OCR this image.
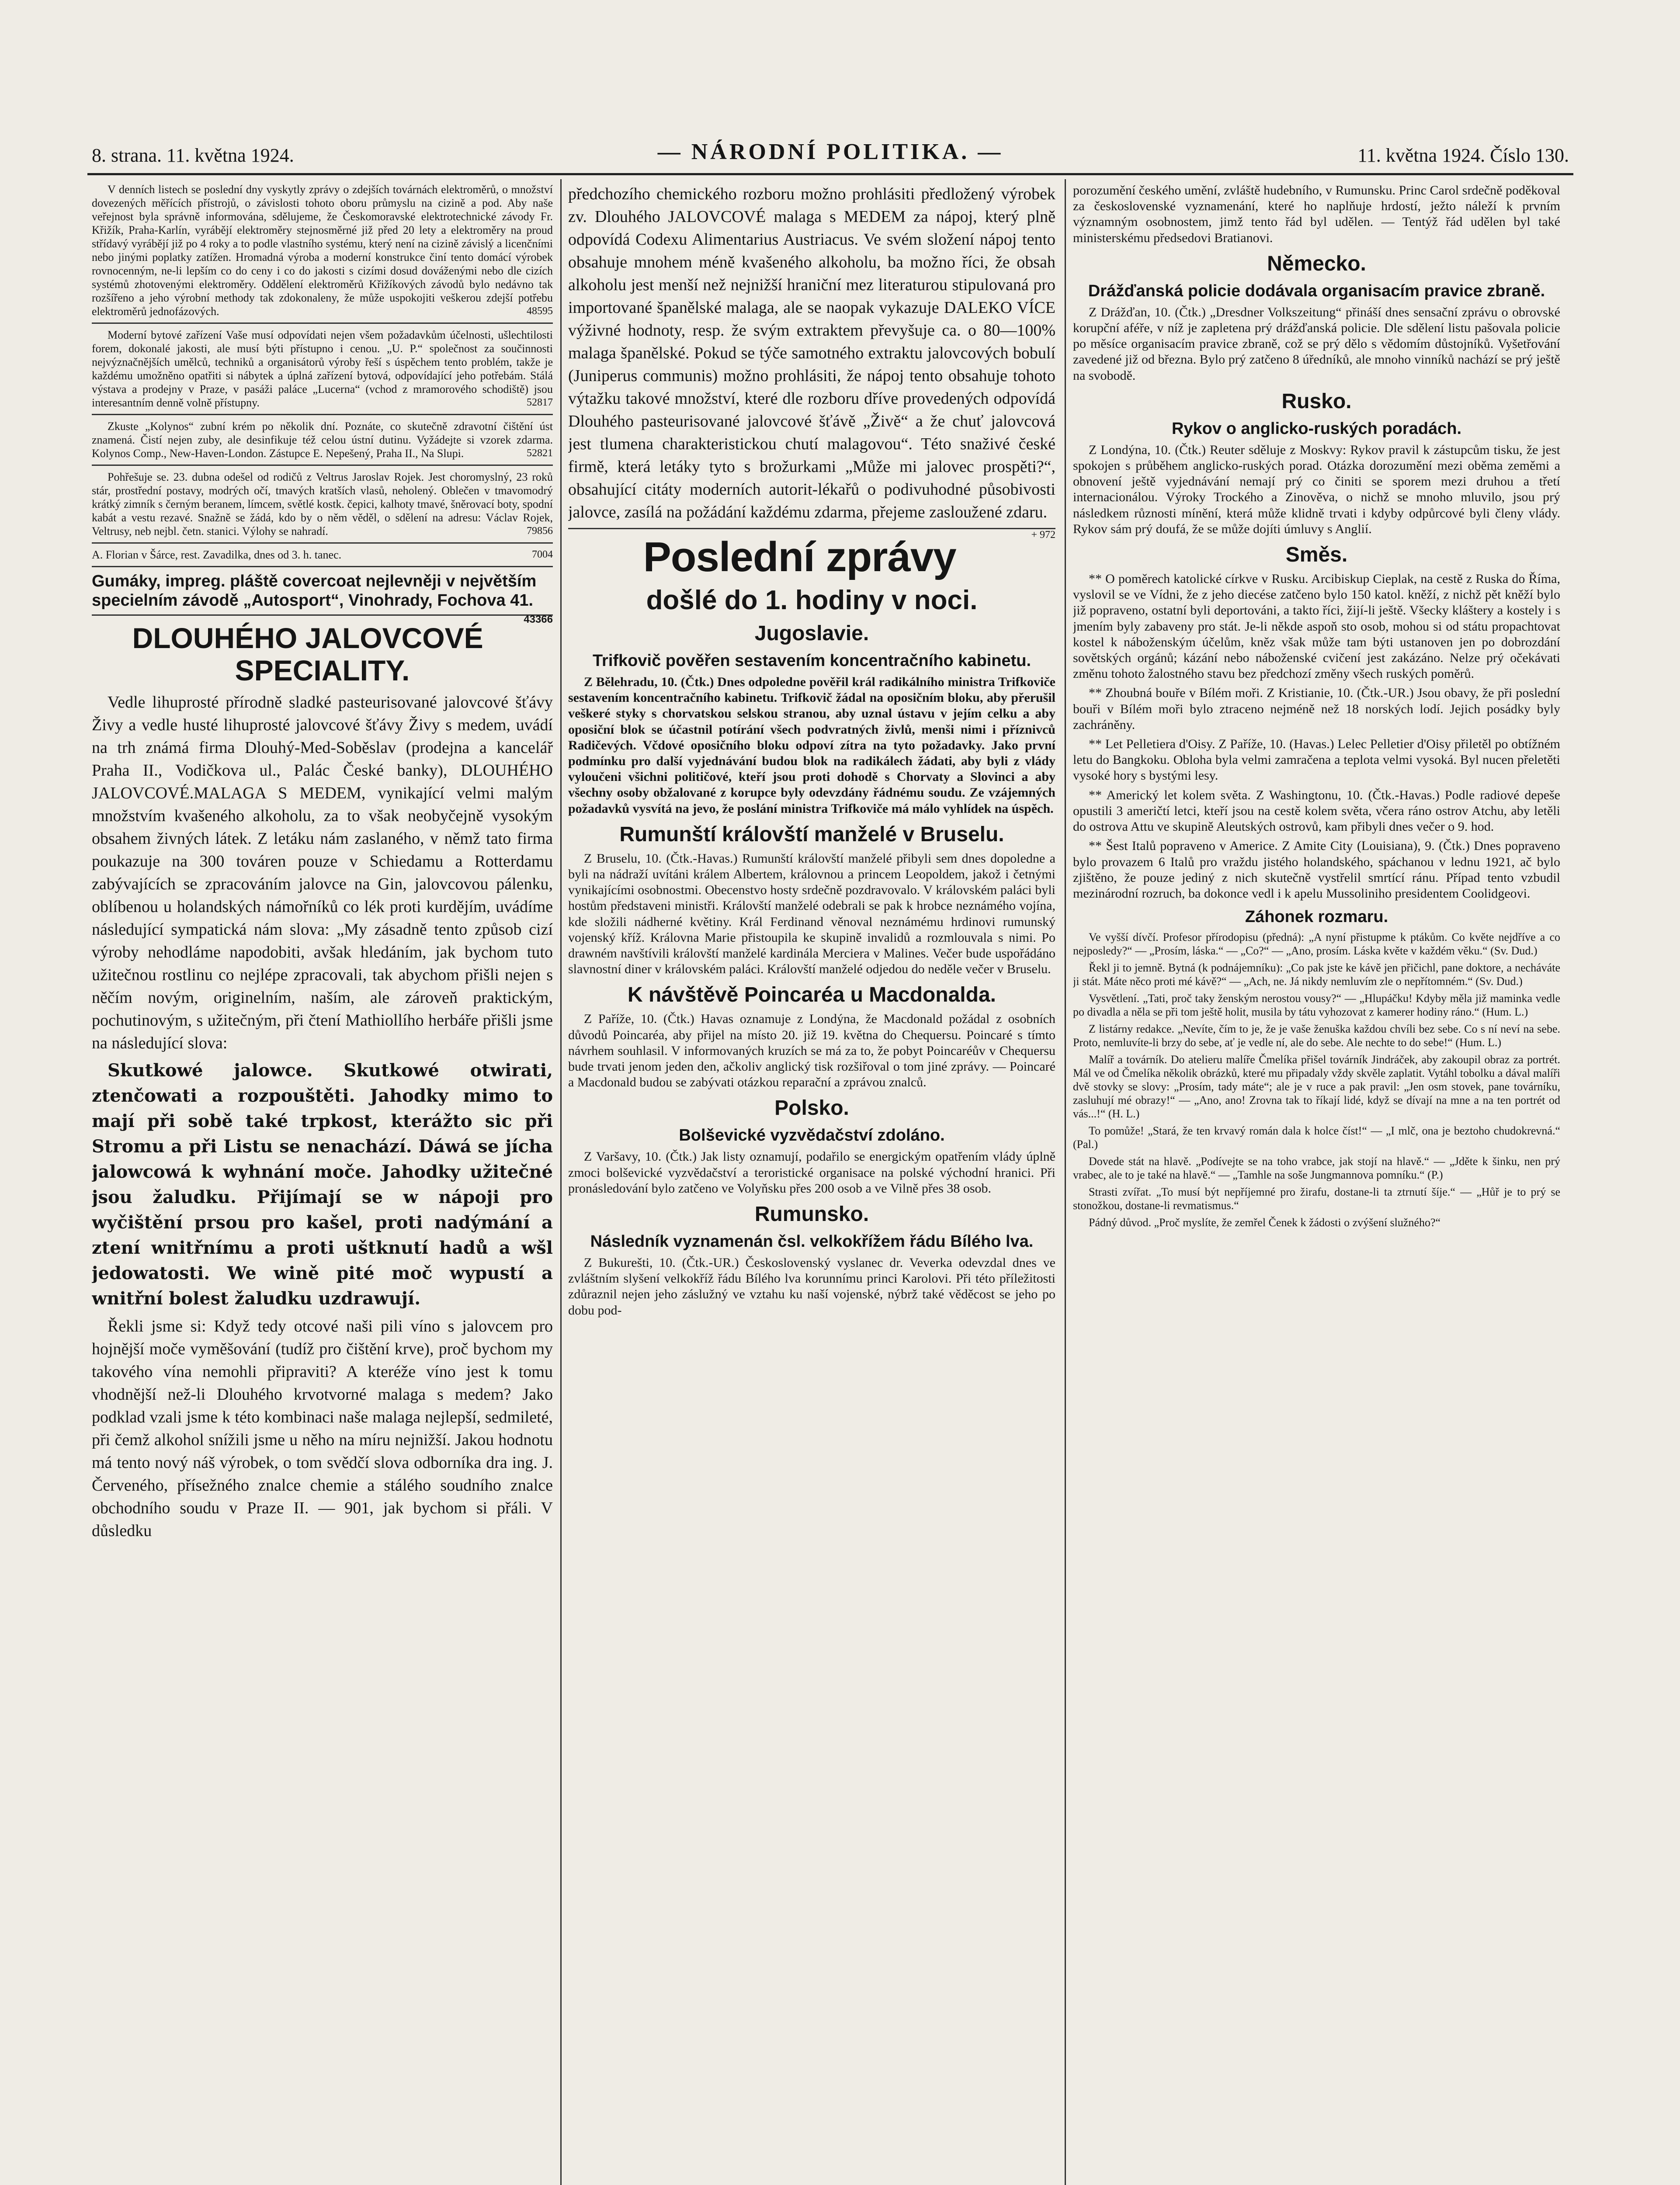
8. strana. 11. května 1924.	— NÁRODNÍ POLITIKA. —	11. května 1924. Číslo 130.

V denních listech se poslední dny vyskytly zprávy o zdejších továrnách elektroměrů, o množství dovezených měřících přístrojů, o závislosti tohoto oboru průmyslu na cizině a pod. Aby naše veřejnost byla správně informována, sdělujeme, že Českomoravské elektrotechnické závody Fr. Křižík, Praha-Karlín, vyrábějí elektroměry stejnosměrné již před 20 lety a elektroměry na proud střídavý vyrábějí již po 4 roky a to podle vlastního systému, který není na cizině závislý a licenčními nebo jinými poplatky zatížen. Hromadná výroba a moderní konstrukce činí tento domácí výrobek rovnocenným, ne-li lepším co do ceny i co do jakosti s cizími dosud dováženými nebo dle cizích systémů zhotovenými elektroměry. Oddělení elektroměrů Křižíkových závodů bylo nedávno tak rozšířeno a jeho výrobní methody tak zdokonaleny, že může uspokojiti veškerou zdejší potřebu elektroměrů jednofázových.	48595

Moderní bytové zařízení Vaše musí odpovídati nejen všem požadavkům účelnosti, ušlechtilosti forem, dokonalé jakosti, ale musí býti přístupno i cenou. „U. P.“ společnost za součinnosti nejvýznačnějších umělců, techniků a organisátorů výroby řeší s úspěchem tento problém, takže je každému umožněno opatřiti si nábytek a úplná zařízení bytová, odpovídající jeho potřebám. Stálá výstava a prodejny v Praze, v pasáži paláce „Lucerna“ (vchod z mramorového schodiště) jsou interesantním denně volně přístupny.	52817

Zkuste „Kolynos“ zubní krém po několik dní. Poznáte, co skutečně zdravotní čištění úst znamená. Čistí nejen zuby, ale desinfikuje též celou ústní dutinu. Vyžádejte si vzorek zdarma. Kolynos Comp., New-Haven-London. Zástupce E. Nepešený, Praha II., Na Slupi.	52821

Pohřešuje se. 23. dubna odešel od rodičů z Veltrus Jaroslav Rojek. Jest choromyslný, 23 roků stár, prostřední postavy, modrých očí, tmavých kratších vlasů, neholený. Oblečen v tmavomodrý krátký zimník s černým beranem, límcem, světlé kostk. čepici, kalhoty tmavé, šněrovací boty, spodní kabát a vestu rezavé. Snažně se žádá, kdo by o něm věděl, o sdělení na adresu: Václav Rojek, Veltrusy, neb nejbl. četn. stanici. Výlohy se nahradí.	79856

A. Florian v Šárce, rest. Zavadilka, dnes od 3. h. tanec.	7004

Gumáky, impreg. pláště covercoat nejlevněji v největším specielním závodě „Autosport“, Vinohrady, Fochova 41.
43366
DLOUHÉHO JALOVCOVÉ SPECIALITY.

Vedle lihuprosté přírodně sladké pasteurisované jalovcové šťávy Živy a vedle husté lihuprosté jalovcové šťávy Živy s medem, uvádí na trh známá firma Dlouhý-Med-Soběslav (prodejna a kancelář Praha II., Vodičkova ul., Palác České banky), DLOUHÉHO JALOVCOVÉ.MALAGA S MEDEM, vynikající velmi malým množstvím kvašeného alkoholu, za to však neobyčejně vysokým obsahem živných látek. Z letáku nám zaslaného, v němž tato firma poukazuje na 300 továren pouze v Schiedamu a Rotterdamu zabývajících se zpracováním jalovce na Gin, jalovcovou pálenku, oblíbenou u holandských námořníků co lék proti kurdějím, uvádíme následující sympatická nám slova: „My zásadně tento způsob cizí výroby nehodláme napodobiti, avšak hledáním, jak bychom tuto užitečnou rostlinu co nejlépe zpracovali, tak abychom přišli nejen s něčím novým, originelním, naším, ale zároveň praktickým, pochutinovým, s užitečným, při čtení Mathiollího herbáře přišli jsme na následující slova:

Skutkowé jalowce. Skutkowé otwirati, ztenčowati a rozpouštěti. Jahodky mimo to mají při sobě také trpkost, kterážto sic při Stromu a při Listu se nenachází. Dáwá se jícha jalowcowá k wyhnání moče. Jahodky užitečné jsou žaludku. Přijímají se w nápoji pro wyčištění prsou pro kašel, proti nadýmání a ztení wnitřnímu a proti uštknutí hadů a wšl jedowatosti. We wině pité moč wypustí a wnitřní bolest žaludku uzdrawují.

Řekli jsme si: Když tedy otcové naši pili víno s jalovcem pro hojnější moče vyměšování (tudíž pro čištění krve), proč bychom my takového vína nemohli připraviti? A kteréže víno jest k tomu vhodnější než-li Dlouhého krvotvorné malaga s medem? Jako podklad vzali jsme k této kombinaci naše malaga nejlepší, sedmileté, při čemž alkohol snížili jsme u něho na míru nejnižší. Jakou hodnotu má tento nový náš výrobek, o tom svědčí slova odborníka dra ing. J. Červeného, přísežného znalce chemie a stálého soudního znalce obchodního soudu v Praze II. — 901, jak bychom si přáli. V důsledku

předchozího chemického rozboru možno prohlásiti předložený výrobek zv. Dlouhého JALOVCOVÉ malaga s MEDEM za nápoj, který plně odpovídá Codexu Alimentarius Austriacus. Ve svém složení nápoj tento obsahuje mnohem méně kvašeného alkoholu, ba možno říci, že obsah alkoholu jest menší než nejnižší hraniční mez literaturou stipulovaná pro importované španělské malaga, ale se naopak vykazuje DALEKO VÍCE výživné hodnoty, resp. že svým extraktem převyšuje ca. o 80—100% malaga španělské. Pokud se týče samotného extraktu jalovcových bobulí (Juniperus communis) možno prohlásiti, že nápoj tento obsahuje tohoto výtažku takové množství, které dle rozboru dříve provedených odpovídá Dlouhého pasteurisované jalovcové šťávě „Živě“ a že chuť jalovcová jest tlumena charakteristickou chutí malagovou“. Této snaživé české firmě, která letáky tyto s brožurkami „Může mi jalovec prospěti?“, obsahující citáty moderních autorit-lékařů o podivuhodné působivosti jalovce, zasílá na požádání každému zdarma, přejeme zasloužené zdaru.
+ 972

Poslední zprávy
došlé do 1. hodiny v noci.
Jugoslavie.
Trifkovič pověřen sestavením koncentračního kabinetu.

Z Bělehradu, 10. (Čtk.) Dnes odpoledne pověřil král radikálního ministra Trifkoviče sestavením koncentračního kabinetu. Trifkovič žádal na oposičním bloku, aby přerušil veškeré styky s chorvatskou selskou stranou, aby uznal ústavu v jejím celku a aby oposiční blok se účastnil potírání všech podvratných živlů, menši nimi i příznivců Radičevých. Včdové oposičního bloku odpoví zítra na tyto požadavky. Jako první podmínku pro další vyjednávání budou blok na radikálech žádati, aby byli z vlády vyloučeni všichni političové, kteří jsou proti dohodě s Chorvaty a Slovinci a aby všechny osoby obžalované z korupce byly odevzdány řádnému soudu. Ze vzájemných požadavků vysvítá na jevo, že poslání ministra Trifkoviče má málo vyhlídek na úspěch.

Rumunští královští manželé v Bruselu.

Z Bruselu, 10. (Čtk.-Havas.) Rumunští královští manželé přibyli sem dnes dopoledne a byli na nádraží uvítáni králem Albertem, královnou a princem Leopoldem, jakož i četnými vynikajícími osobnostmi. Obecenstvo hosty srdečně pozdravovalo. V královském paláci byli hostům představeni ministři. Královští manželé odebrali se pak k hrobce neznámého vojína, kde složili nádherné květiny. Král Ferdinand věnoval neznámému hrdinovi rumunský vojenský kříž. Královna Marie přistoupila ke skupině invalidů a rozmlouvala s nimi. Po drawném navštívili královští manželé kardinála Merciera v Malines. Večer bude uspořádáno slavnostní diner v královském paláci. Královští manželé odjedou do neděle večer v Bruselu.

K návštěvě Poincaréa u Macdonalda.

Z Paříže, 10. (Čtk.) Havas oznamuje z Londýna, že Macdonald požádal z osobních důvodů Poincaréa, aby přijel na místo 20. již 19. května do Chequersu. Poincaré s tímto návrhem souhlasil. V informovaných kruzích se má za to, že pobyt Poincaréův v Chequersu bude trvati jenom jeden den, ačkoliv anglický tisk rozšiřoval o tom jiné zprávy. — Poincaré a Macdonald budou se zabývati otázkou reparační a zprávou znalců.

Polsko.
Bolševické vyzvědačství zdoláno.

Z Varšavy, 10. (Čtk.) Jak listy oznamují, podařilo se energickým opatřením vlády úplně zmoci bolševické vyzvědačství a teroristické organisace na polské východní hranici. Při pronásledování bylo zatčeno ve Volyňsku přes 200 osob a ve Vilně přes 38 osob.

Rumunsko.
Následník vyznamenán čsl. velkokřížem řádu Bílého lva.

Z Bukurešti, 10. (Čtk.-UR.) Československý vyslanec dr. Veverka odevzdal dnes ve zvláštním slyšení velkokříž řádu Bílého lva korunnímu princi Karolovi. Při této příležitosti zdůraznil nejen jeho záslužný ve vztahu ku naší vojenské, nýbrž také věděcost se jeho po dobu pod-

porozumění českého umění, zvláště hudebního, v Rumunsku. Princ Carol srdečně poděkoval za československé vyznamenání, které ho naplňuje hrdostí, ježto náleží k prvním významným osobnostem, jimž tento řád byl udělen. — Tentýž řád udělen byl také ministerskému předsedovi Bratianovi.

Německo.
Drážďanská policie dodávala organisacím pravice zbraně.

Z Drážďan, 10. (Čtk.) „Dresdner Volkszeitung“ přináší dnes sensační zprávu o obrovské korupční aféře, v níž je zapletena prý drážďanská policie. Dle sdělení listu pašovala policie po měsíce organisacím pravice zbraně, což se prý dělo s vědomím důstojníků. Vyšetřování zavedené již od března. Bylo prý zatčeno 8 úředníků, ale mnoho vinníků nachází se prý ještě na svobodě.

Rusko.
Rykov o anglicko-ruských poradách.

Z Londýna, 10. (Čtk.) Reuter sděluje z Moskvy: Rykov pravil k zástupcům tisku, že jest spokojen s průběhem anglicko-ruských porad. Otázka dorozumění mezi oběma zeměmi a obnovení ještě vyjednávání nemají prý co činiti se sporem mezi druhou a třetí internacionálou. Výroky Trockého a Zinověva, o nichž se mnoho mluvilo, jsou prý následkem různosti mínění, která může klidně trvati i kdyby odpůrcové byli členy vlády. Rykov sám prý doufá, že se může dojíti úmluvy s Anglií.

Směs.

** O poměrech katolické církve v Rusku. Arcibiskup Cieplak, na cestě z Ruska do Říma, vyslovil se ve Vídni, že z jeho diecése zatčeno bylo 150 katol. kněží, z nichž pět kněží bylo již popraveno, ostatní byli deportováni, a takto říci, žijí-li ještě. Všecky kláštery a kostely i s jmením byly zabaveny pro stát. Je-li někde aspoň sto osob, mohou si od státu propachtovat kostel k náboženským účelům, kněz však může tam býti ustanoven jen po dobrozdání sovětských orgánů; kázání nebo náboženské cvičení jest zakázáno. Nelze prý očekávati změnu tohoto žalostného stavu bez předchozí změny všech ruských poměrů.

** Zhoubná bouře v Bílém moři. Z Kristianie, 10. (Čtk.-UR.) Jsou obavy, že při poslední bouři v Bílém moři bylo ztraceno nejméně než 18 norských lodí. Jejich posádky byly zachráněny.

** Let Pelletiera d'Oisy. Z Paříže, 10. (Havas.) Lelec Pelletier d'Oisy přiletěl po obtížném letu do Bangkoku. Obloha byla velmi zamračena a teplota velmi vysoká. Byl nucen přeletěti vysoké hory s bystými lesy.

** Americký let kolem světa. Z Washingtonu, 10. (Čtk.-Havas.) Podle radiové depeše opustili 3 američtí letci, kteří jsou na cestě kolem světa, včera ráno ostrov Atchu, aby letěli do ostrova Attu ve skupině Aleutských ostrovů, kam přibyli dnes večer o 9. hod.

** Šest Italů popraveno v Americe. Z Amite City (Louisiana), 9. (Čtk.) Dnes popraveno bylo provazem 6 Italů pro vraždu jistého holandského, spáchanou v lednu 1921, ač bylo zjištěno, že pouze jediný z nich skutečně vystřelil smrtící ránu. Případ tento vzbudil mezinárodní rozruch, ba dokonce vedl i k apelu Mussoliniho presidentem Coolidgeovi.

Záhonek rozmaru.

Ve vyšší dívčí. Profesor přírodopisu (předná): „A nyní přistupme k ptákům. Co květe nejdříve a co nejposledy?“ — „Prosím, láska.“ — „Co?“ — „Ano, prosím. Láska květe v každém věku.“ (Sv. Dud.)

Řekl ji to jemně. Bytná (k podnájemníku): „Co pak jste ke kávě jen přičichl, pane doktore, a necháváte ji stát. Máte něco proti mé kávě?“ — „Ach, ne. Já nikdy nemluvím zle o nepřítomném.“ (Sv. Dud.)

Vysvětlení. „Tati, proč taky ženským nerostou vousy?“ — „Hlupáčku! Kdyby měla již maminka vedle po divadla a něla se při tom ještě holit, musila by tátu vyhozovat z kamerer hodiny ráno.“ (Hum. L.)

Z listárny redakce. „Nevíte, čím to je, že je vaše ženuška každou chvíli bez sebe. Co s ní neví na sebe. Proto, nemluvíte-li brzy do sebe, ať je vedle ní, ale do sebe. Ale nechte to do sebe!“ (Hum. L.)

Malíř a továrník. Do atelieru malíře Čmelíka přišel továrník Jindráček, aby zakoupil obraz za portrét. Mál ve od Čmelíka několik obrázků, které mu připadaly vždy skvěle zaplatit. Vytáhl tobolku a dával malíři dvě stovky se slovy: „Prosím, tady máte“; ale je v ruce a pak pravil: „Jen osm stovek, pane továrníku, zasluhují mé obrazy!“ — „Ano, ano! Zrovna tak to říkají lidé, když se dívají na mne a na ten portrét od vás...!“ (H. L.)

To pomůže! „Stará, že ten krvavý román dala k holce číst!“ — „I mlč, ona je beztoho chudokrevná.“ (Pal.)

Dovede stát na hlavě. „Podívejte se na toho vrabce, jak stojí na hlavě.“ — „Jděte k šinku, nen prý vrabec, ale to je také na hlavě.“ — „Tamhle na soše Jungmannova pomníku.“ (P.)

Strasti zvířat. „To musí být nepříjemné pro žirafu, dostane-li ta ztrnutí šíje.“ — „Hůř je to prý se stonožkou, dostane-li revmatismus.“

Pádný důvod. „Proč myslíte, že zemřel Čenek k žádosti o zvýšení služného?“
